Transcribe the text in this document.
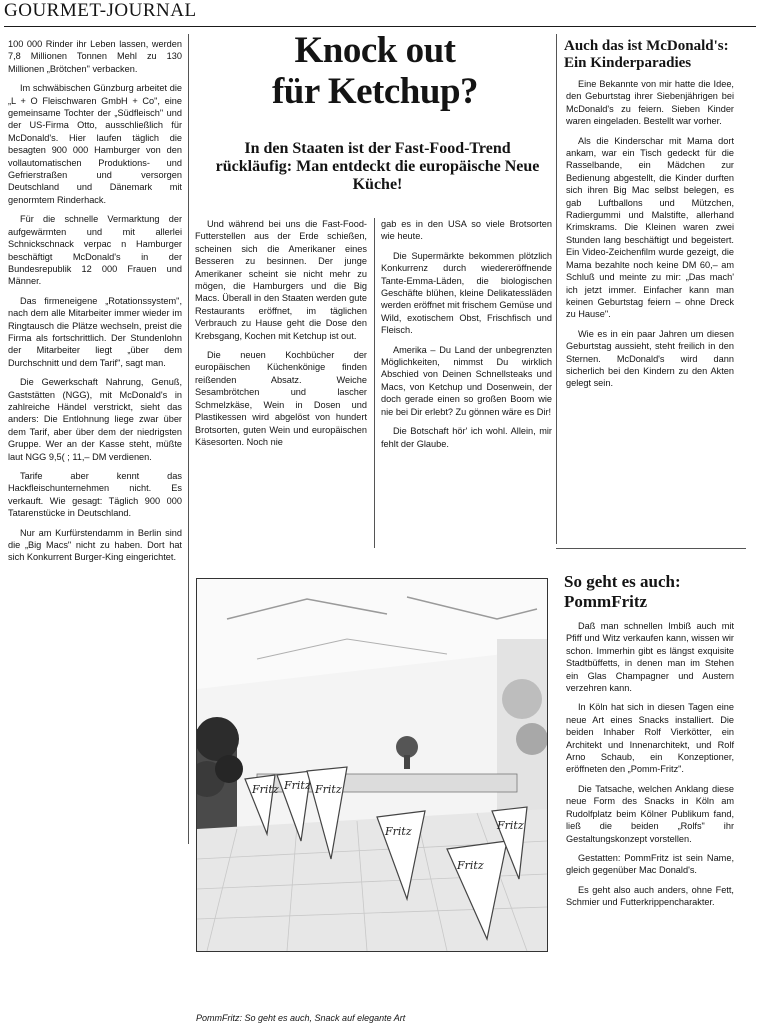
GOURMET-JOURNAL

100 000 Rinder ihr Leben lassen, werden 7,8 Millionen Tonnen Mehl zu 130 Millionen „Brötchen" verbacken.

Im schwäbischen Günzburg arbeitet die „L + O Fleischwaren GmbH + Co", eine gemeinsame Tochter der „Südfleisch" und der US-Firma Otto, ausschließlich für McDonald's. Hier laufen täglich die besagten 900 000 Hamburger von den vollautomatischen Produktions- und Gefrierstraßen und versorgen Deutschland und Dänemark mit genormtem Rinderhack.

Für die schnelle Vermarktung der aufgewärmten und mit allerlei Schnickschnack verpac n Hamburger beschäftigt McDonald's in der Bundesrepublik 12 000 Frauen und Männer.

Das firmeneigene „Rotationssystem", nach dem alle Mitarbeiter immer wieder im Ringtausch die Plätze wechseln, preist die Firma als fortschrittlich. Der Stundenlohn der Mitarbeiter liegt „über dem Durchschnitt und dem Tarif", sagt man.

Die Gewerkschaft Nahrung, Genuß, Gaststätten (NGG), mit McDonald's in zahlreiche Händel verstrickt, sieht das anders: Die Entlohnung liege zwar über dem Tarif, aber über dem der niedrigsten Gruppe. Wer an der Kasse steht, müßte laut NGG 9,5( ; 11,– DM verdienen.

Tarife aber kennt das Hackfleischunternehmen nicht. Es verkauft. Wie gesagt: Täglich 900 000 Tatarenstücke in Deutschland.

Nur am Kurfürstendamm in Berlin sind die „Big Macs" nicht zu haben. Dort hat sich Konkurrent Burger-King eingerichtet.

Knock out
für Ketchup?
In den Staaten ist der Fast-Food-Trend rückläufig: Man entdeckt die europäische Neue Küche!

Und während bei uns die Fast-Food-Futterstellen aus der Erde schießen, scheinen sich die Amerikaner eines Besseren zu besinnen. Der junge Amerikaner scheint sie nicht mehr zu mögen, die Hamburgers und die Big Macs. Überall in den Staaten werden gute Restaurants eröffnet, im täglichen Verbrauch zu Hause geht die Dose den Krebsgang, Kochen mit Ketchup ist out.

Die neuen Kochbücher der europäischen Küchenkönige finden reißenden Absatz. Weiche Sesambrötchen und lascher Schmelzkäse, Wein in Dosen und Plastikessen wird abgelöst von hundert Brotsorten, guten Wein und europäischen Käsesorten. Noch nie

gab es in den USA so viele Brotsorten wie heute.

Die Supermärkte bekommen plötzlich Konkurrenz durch wiedereröffnende Tante-Emma-Läden, die biologischen Geschäfte blühen, kleine Delikatessläden werden eröffnet mit frischem Gemüse und Wild, exotischem Obst, Frischfisch und Fleisch.

Amerika – Du Land der unbegrenzten Möglichkeiten, nimmst Du wirklich Abschied von Deinen Schnellsteaks und Macs, von Ketchup und Dosenwein, der doch gerade einen so großen Boom wie nie bei Dir erlebt? Zu gönnen wäre es Dir!

Die Botschaft hör' ich wohl. Allein, mir fehlt der Glaube.

Auch das ist McDonald's:
Ein Kinderparadies

Eine Bekannte von mir hatte die Idee, den Geburtstag ihrer Siebenjährigen bei McDonald's zu feiern. Sieben Kinder waren eingeladen. Bestellt war vorher.

Als die Kinderschar mit Mama dort ankam, war ein Tisch gedeckt für die Rasselbande, ein Mädchen zur Bedienung abgestellt, die Kinder durften sich ihren Big Mac selbst belegen, es gab Luftballons und Mützchen, Radiergummi und Malstifte, allerhand Krimskrams. Die Kleinen waren zwei Stunden lang beschäftigt und begeistert. Ein Video-Zeichenfilm wurde gezeigt, die Mama bezahlte noch keine DM 60,– am Schluß und meinte zu mir: „Das mach' ich jetzt immer. Einfacher kann man keinen Geburtstag feiern – ohne Dreck zu Hause".

Wie es in ein paar Jahren um diesen Geburtstag aussieht, steht freilich in den Sternen. McDonald's wird dann sicherlich bei den Kindern zu den Akten gelegt sein.

So geht es auch:
PommFritz

Daß man schnellen Imbiß auch mit Pfiff und Witz verkaufen kann, wissen wir schon. Immerhin gibt es längst exquisite Stadtbüffetts, in denen man im Stehen ein Glas Champagner und Austern verzehren kann.

In Köln hat sich in diesen Tagen eine neue Art eines Snacks installiert. Die beiden Inhaber Rolf Vierkötter, ein Architekt und Innenarchitekt, und Rolf Arno Schaub, ein Konzeptioner, eröffneten den „Pomm-Fritz".

Die Tatsache, welchen Anklang diese neue Form des Snacks in Köln am Rudolfplatz beim Kölner Publikum fand, ließ die beiden „Rolfs" ihr Gestaltungskonzept vorstellen.

Gestatten: PommFritz ist sein Name, gleich gegenüber Mac Donald's.

Es geht also auch anders, ohne Fett, Schmier und Futterkrippencharakter.

Fritz Fritz Fritz
Fritz
Fritz
Fritz
PommFritz: So geht es auch, Snack auf elegante Art
